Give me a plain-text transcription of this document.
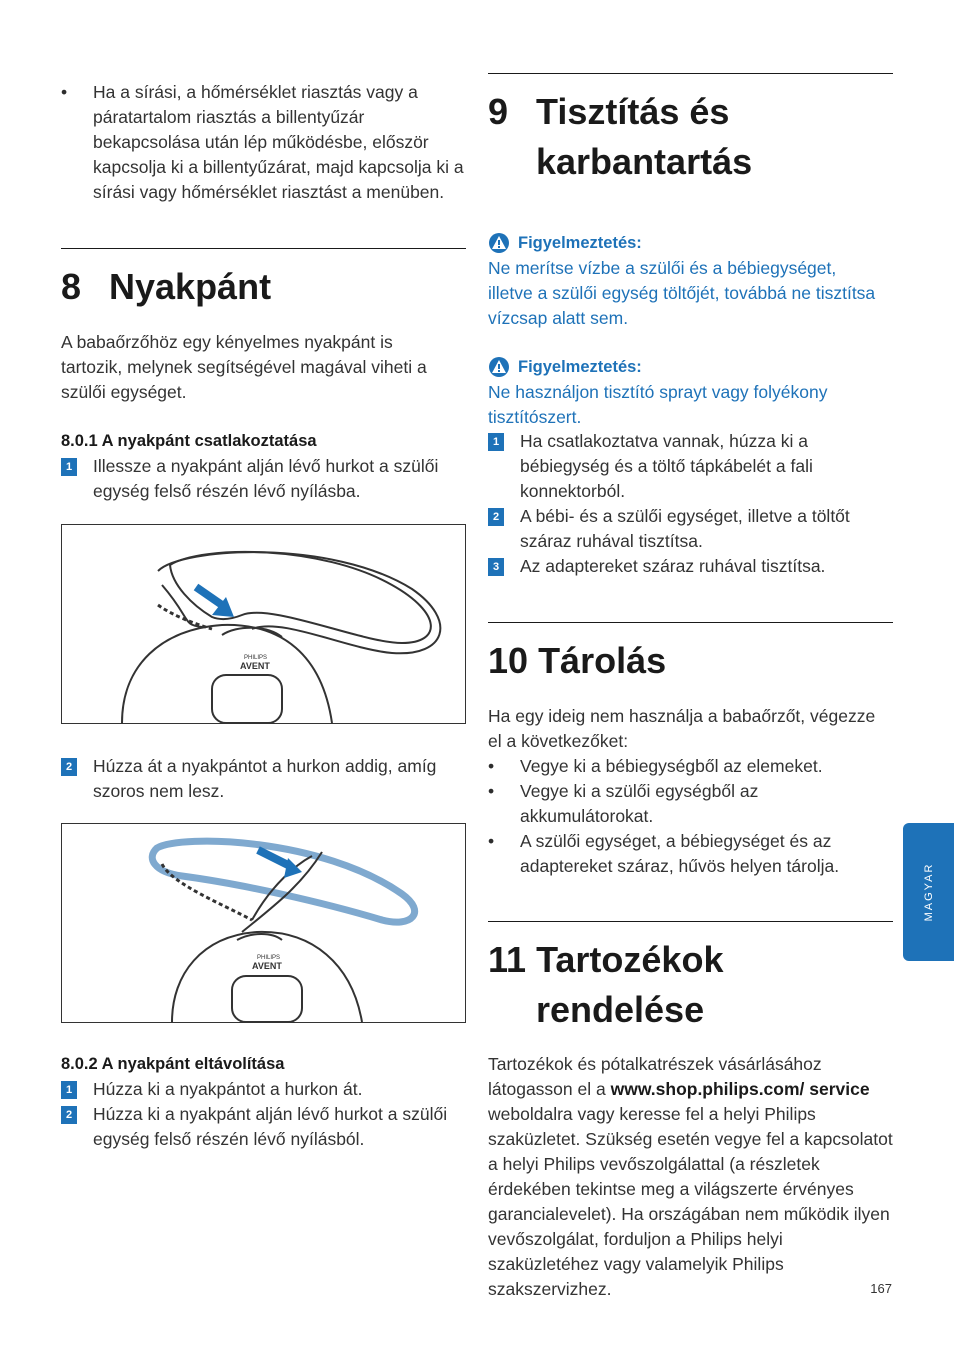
•	Ha a sírási, a hőmérséklet riasztás vagy a páratartalom riasztás a billentyűzár bekapcsolása után lép működésbe, először kapcsolja ki a billentyűzárat, majd kapcsolja ki a sírási vagy hőmérséklet riasztást a menüben.

8 Nyakpánt

A babaőrzőhöz egy kényelmes nyakpánt is tartozik, melynek segítségével magával viheti a szülői egységet.

8.0.1 A nyakpánt csatlakoztatása
1 Illessze a nyakpánt alján lévő hurkot a szülői egység felső részén lévő nyílásba.

PHILIPS
AVENT
2 Húzza át a nyakpántot a hurkon addig, amíg szoros nem lesz.

PHILIPS
AVENT
8.0.2 A nyakpánt eltávolítása
1 Húzza ki a nyakpántot a hurkon át.

2 Húzza ki a nyakpánt alján lévő hurkot a szülői egység felső részén lévő nyílásból.

9 Tisztítás és
karbantartás
Figyelmeztetés:

Ne merítse vízbe a szülői és a bébiegységet, illetve a szülői egység töltőjét, továbbá ne tisztítsa vízcsap alatt sem.

Figyelmeztetés:

Ne használjon tisztító sprayt vagy folyékony tisztítószert.

1 Ha csatlakoztatva vannak, húzza ki a bébiegység és a töltő tápkábelét a fali konnektorból.

2 A bébi- és a szülői egységet, illetve a töltőt száraz ruhával tisztítsa.

3 Az adaptereket száraz ruhával tisztítsa.

10 Tárolás

Ha egy ideig nem használja a babaőrzőt, végezze el a következőket:

•	Vegye ki a bébiegységből az elemeket.

•	Vegye ki a szülői egységből az akkumulátorokat.

•	A szülői egységet, a bébiegységet és az adaptereket száraz, hűvös helyen tárolja.

11 Tartozékok
rendelése

Tartozékok és pótalkatrészek vásárlásához látogasson el a www.shop.philips.com/ service weboldalra vagy keresse fel a helyi Philips szaküzletet. Szükség esetén vegye fel a kapcsolatot a helyi Philips vevőszolgálattal (a részletek érdekében tekintse meg a világszerte érvényes garancialevelet). Ha országában nem működik ilyen vevőszolgálat, forduljon a Philips helyi szaküzletéhez vagy valamelyik Philips szakszervizhez.

MAGYAR
167
